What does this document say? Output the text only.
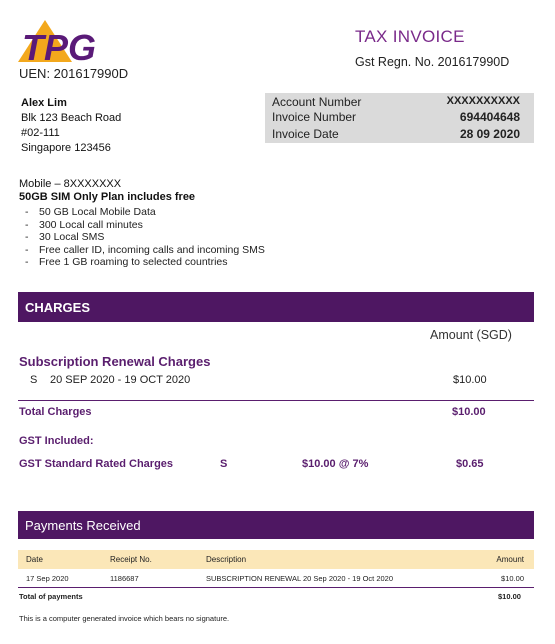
TPG
UEN: 201617990D
TAX INVOICE
Gst Regn. No. 201617990D
Alex Lim
Blk 123 Beach Road
#02-111
Singapore 123456
Account Number	XXXXXXXXXX
Invoice Number	694404648
Invoice Date	28 09 2020
Mobile – 8XXXXXXX
50GB SIM Only Plan includes free
- 50 GB Local Mobile Data
- 300 Local call minutes
- 30 Local SMS
- Free caller ID, incoming calls and incoming SMS
- Free 1 GB roaming to selected countries
CHARGES
Amount (SGD)
Subscription Renewal Charges
S 20 SEP 2020 - 19 OCT 2020	$10.00
Total Charges	$10.00
GST Included:
GST Standard Rated Charges	S	$10.00 @ 7%	$0.65
Payments Received
Date	Receipt No.	Description	Amount
17 Sep 2020	1186687	SUBSCRIPTION RENEWAL 20 Sep 2020 - 19 Oct 2020	$10.00
Total of payments	$10.00
This is a computer generated invoice which bears no signature.
